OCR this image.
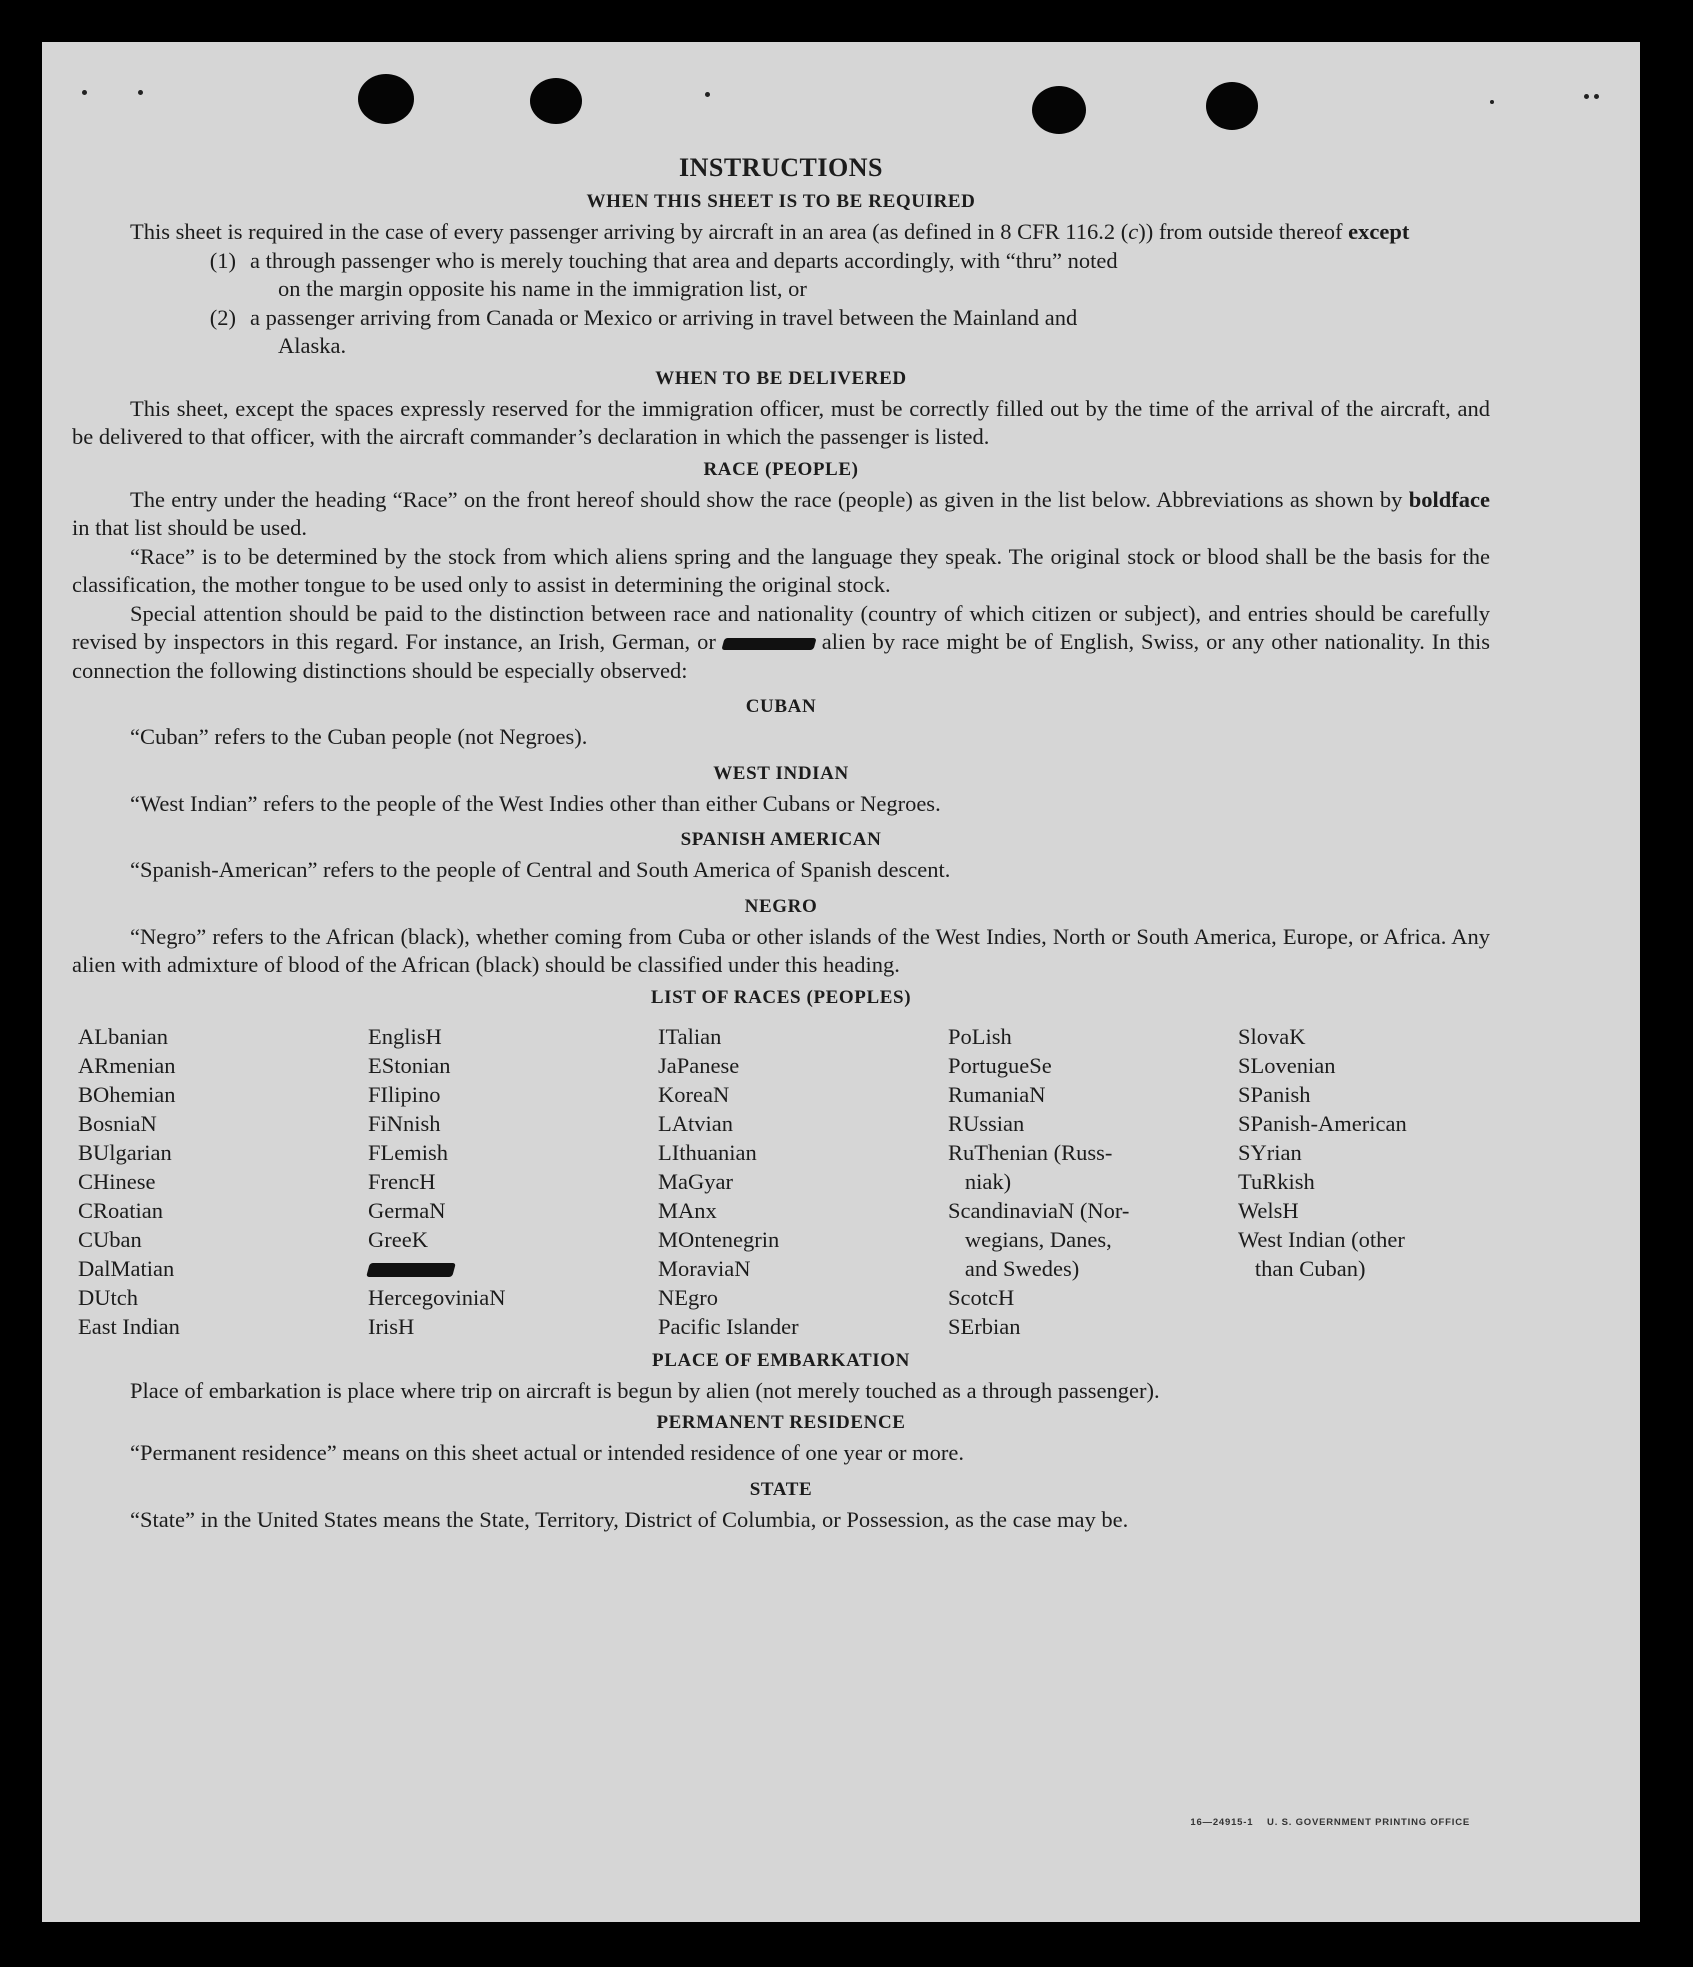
INSTRUCTIONS
WHEN THIS SHEET IS TO BE REQUIRED

This sheet is required in the case of every passenger arriving by aircraft in an area (as defined in 8 CFR 116.2 (c)) from outside thereof except

(1) a through passenger who is merely touching that area and departs accordingly, with “thru” noted
on the margin opposite his name in the immigration list, or
(2) a passenger arriving from Canada or Mexico or arriving in travel between the Mainland and
Alaska.
WHEN TO BE DELIVERED

This sheet, except the spaces expressly reserved for the immigration officer, must be correctly filled out by the time of the arrival of the aircraft, and be delivered to that officer, with the aircraft commander’s declaration in which the passenger is listed.

RACE (PEOPLE)

The entry under the heading “Race” on the front hereof should show the race (people) as given in the list below. Abbreviations as shown by boldface in that list should be used.

“Race” is to be determined by the stock from which aliens spring and the language they speak. The original stock or blood shall be the basis for the classification, the mother tongue to be used only to assist in determining the original stock.

Special attention should be paid to the distinction between race and nationality (country of which citizen or subject), and entries should be carefully revised by inspectors in this regard. For instance, an Irish, German, or	alien by race might be of English, Swiss, or any other nationality. In this connection the following distinctions should be especially observed:

CUBAN

“Cuban” refers to the Cuban people (not Negroes).

WEST INDIAN

“West Indian” refers to the people of the West Indies other than either Cubans or Negroes.

SPANISH AMERICAN

“Spanish-American” refers to the people of Central and South America of Spanish descent.

NEGRO

“Negro” refers to the African (black), whether coming from Cuba or other islands of the West Indies, North or South America, Europe, or Africa. Any alien with admixture of blood of the African (black) should be classified under this heading.

LIST OF RACES (PEOPLES)
ALbanian
ARmenian
BOhemian
BosniaN
BUlgarian
CHinese
CRoatian
CUban
DalMatian
DUtch
East Indian
EnglisH
EStonian
FIlipino
FiNnish
FLemish
FrencH
GermaN
GreeK
HercegoviniaN
IrisH
ITalian
JaPanese
KoreaN
LAtvian
LIthuanian
MaGyar
MAnx
MOntenegrin
MoraviaN
NEgro
Pacific Islander
PoLish
PortugueSe
RumaniaN
RUssian
RuThenian (Russ-
niak)
ScandinaviaN (Nor-
wegians, Danes,
and Swedes)
ScotcH
SErbian
SlovaK
SLovenian
SPanish
SPanish-American
SYrian
TuRkish
WelsH
West Indian (other
than Cuban)
PLACE OF EMBARKATION

Place of embarkation is place where trip on aircraft is begun by alien (not merely touched as a through passenger).

PERMANENT RESIDENCE

“Permanent residence” means on this sheet actual or intended residence of one year or more.

STATE

“State” in the United States means the State, Territory, District of Columbia, or Possession, as the case may be.

16—24915-1    U. S. GOVERNMENT PRINTING OFFICE
